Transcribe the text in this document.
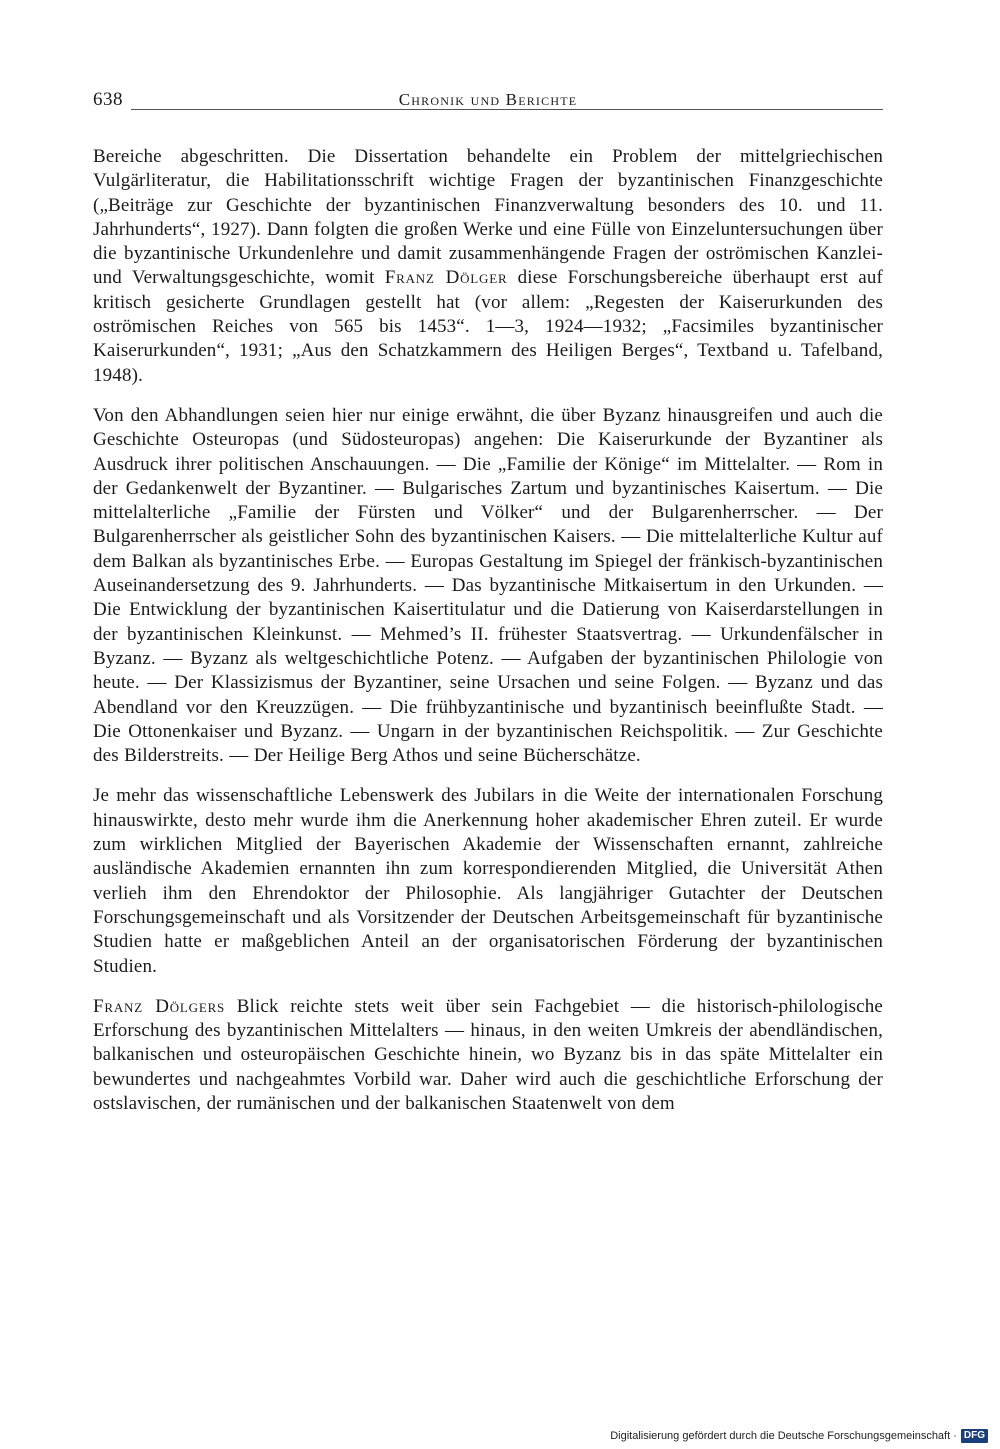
638	Chronik und Berichte

Bereiche abgeschritten. Die Dissertation behandelte ein Problem der mittelgriechischen Vulgärliteratur, die Habilitationsschrift wichtige Fragen der byzantinischen Finanzgeschichte („Beiträge zur Geschichte der byzantinischen Finanzverwaltung besonders des 10. und 11. Jahrhunderts“, 1927). Dann folgten die großen Werke und eine Fülle von Einzeluntersuchungen über die byzantinische Urkundenlehre und damit zusammenhängende Fragen der oströmischen Kanzlei- und Verwaltungsgeschichte, womit Franz Dölger diese Forschungsbereiche überhaupt erst auf kritisch gesicherte Grundlagen gestellt hat (vor allem: „Regesten der Kaiserurkunden des oströmischen Reiches von 565 bis 1453“. 1—3, 1924—1932; „Facsimiles byzantinischer Kaiserurkunden“, 1931; „Aus den Schatzkammern des Heiligen Berges“, Textband u. Tafelband, 1948).

Von den Abhandlungen seien hier nur einige erwähnt, die über Byzanz hinausgreifen und auch die Geschichte Osteuropas (und Südosteuropas) angehen: Die Kaiserurkunde der Byzantiner als Ausdruck ihrer politischen Anschauungen. — Die „Familie der Könige“ im Mittelalter. — Rom in der Gedankenwelt der Byzantiner. — Bulgarisches Zartum und byzantinisches Kaisertum. — Die mittelalterliche „Familie der Fürsten und Völker“ und der Bulgarenherrscher. — Der Bulgarenherrscher als geistlicher Sohn des byzantinischen Kaisers. — Die mittelalterliche Kultur auf dem Balkan als byzantinisches Erbe. — Europas Gestaltung im Spiegel der fränkisch-byzantinischen Auseinandersetzung des 9. Jahrhunderts. — Das byzantinische Mitkaisertum in den Urkunden. — Die Entwicklung der byzantinischen Kaisertitulatur und die Datierung von Kaiserdarstellungen in der byzantinischen Kleinkunst. — Mehmed’s II. frühester Staatsvertrag. — Urkundenfälscher in Byzanz. — Byzanz als weltgeschichtliche Potenz. — Aufgaben der byzantinischen Philologie von heute. — Der Klassizismus der Byzantiner, seine Ursachen und seine Folgen. — Byzanz und das Abendland vor den Kreuzzügen. — Die frühbyzantinische und byzantinisch beeinflußte Stadt. — Die Ottonenkaiser und Byzanz. — Ungarn in der byzantinischen Reichspolitik. — Zur Geschichte des Bilderstreits. — Der Heilige Berg Athos und seine Bücherschätze.

Je mehr das wissenschaftliche Lebenswerk des Jubilars in die Weite der internationalen Forschung hinauswirkte, desto mehr wurde ihm die Anerkennung hoher akademischer Ehren zuteil. Er wurde zum wirklichen Mitglied der Bayerischen Akademie der Wissenschaften ernannt, zahlreiche ausländische Akademien ernannten ihn zum korrespondierenden Mitglied, die Universität Athen verlieh ihm den Ehrendoktor der Philosophie. Als langjähriger Gutachter der Deutschen Forschungsgemeinschaft und als Vorsitzender der Deutschen Arbeitsgemeinschaft für byzantinische Studien hatte er maßgeblichen Anteil an der organisatorischen Förderung der byzantinischen Studien.

Franz Dölgers Blick reichte stets weit über sein Fachgebiet — die historisch-philologische Erforschung des byzantinischen Mittelalters — hinaus, in den weiten Umkreis der abendländischen, balkanischen und osteuropäischen Geschichte hinein, wo Byzanz bis in das späte Mittelalter ein bewundertes und nachgeahmtes Vorbild war. Daher wird auch die geschichtliche Erforschung der ostslavischen, der rumänischen und der balkanischen Staatenwelt von dem

Digitalisierung gefördert durch die Deutsche Forschungsgemeinschaft · DFG
